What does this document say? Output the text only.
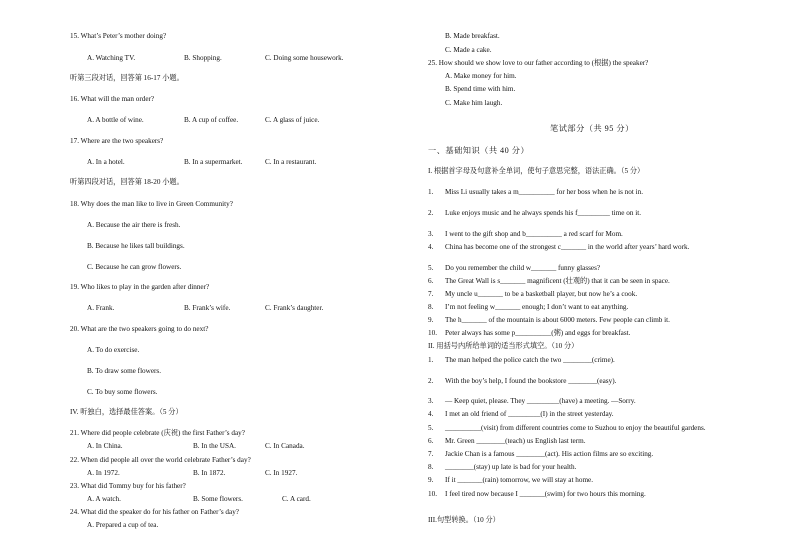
15. What’s Peter’s mother doing?
A. Watching TV.	B. Shopping.	C. Doing some housework.
听第三段对话，回答第 16-17 小题。
16. What will the man order?
A. A bottle of wine.	B. A cup of coffee.	C. A glass of juice.
17. Where are the two speakers?
A. In a hotel.	B. In a supermarket.	C. In a restaurant.
听第四段对话，回答第 18-20 小题。
18. Why does the man like to live in Green Community?
A. Because the air there is fresh.
B. Because he likes tall buildings.
C. Because he can grow flowers.
19. Who likes to play in the garden after dinner?
A. Frank.	B. Frank’s wife.	C. Frank’s daughter.
20. What are the two speakers going to do next?
A. To do exercise.
B. To draw some flowers.
C. To buy some flowers.
IV. 听独白，选择最佳答案。（5 分）
21. Where did people celebrate (庆祝) the first Father’s day?
A. In China.	B. In the USA.	C. In Canada.
22. When did people all over the world celebrate Father’s day?
A. In 1972.	B. In 1872.	C. In 1927.
23. What did Tommy buy for his father?
A. A watch.	B. Some flowers.	C. A card.
24. What did the speaker do for his father on Father’s day?
A. Prepared a cup of tea.
B. Made breakfast.
C. Made a cake.
25. How should we show love to our father according to (根据) the speaker?
A. Make money for him.
B. Spend time with him.
C. Make him laugh.
笔试部分（共 95 分）
一、基础知识（共 40 分）
I. 根据首字母及句意补全单词，使句子意思完整，语法正确。（5 分）
1. Miss Li usually takes a m__________ for her boss when he is not in.
2. Luke enjoys music and he always spends his f_________ time on it.
3. I went to the gift shop and b__________ a red scarf for Mom.
4. China has become one of the strongest c_______ in the world after years’ hard work.
5. Do you remember the child w_______ funny glasses?
6. The Great Wall is s_______ magnificent (壮观的) that it can be seen in space.
7. My uncle u_______ to be a basketball player, but now he’s a cook.
8. I’m not feeling w_______ enough; I don’t want to eat anything.
9. The h_______ of the mountain is about 6000 meters. Few people can climb it.
10. Peter always has some p__________(粥) and eggs for breakfast.
II. 用括号内所给单词的适当形式填空。（10 分）
1. The man helped the police catch the two ________(crime).
2. With the boy’s help, I found the bookstore ________(easy).
3. — Keep quiet, please. They _________(have) a meeting. —Sorry.
4. I met an old friend of _________(I) in the street yesterday.
5. __________(visit) from different countries come to Suzhou to enjoy the beautiful gardens.
6. Mr. Green ________(teach) us English last term.
7. Jackie Chan is a famous ________(act). His action films are so exciting.
8. ________(stay) up late is bad for your health.
9. If it _______(rain) tomorrow, we will stay at home.
10. I feel tired now because I _______(swim) for two hours this morning.
III.句型转换。（10 分）
